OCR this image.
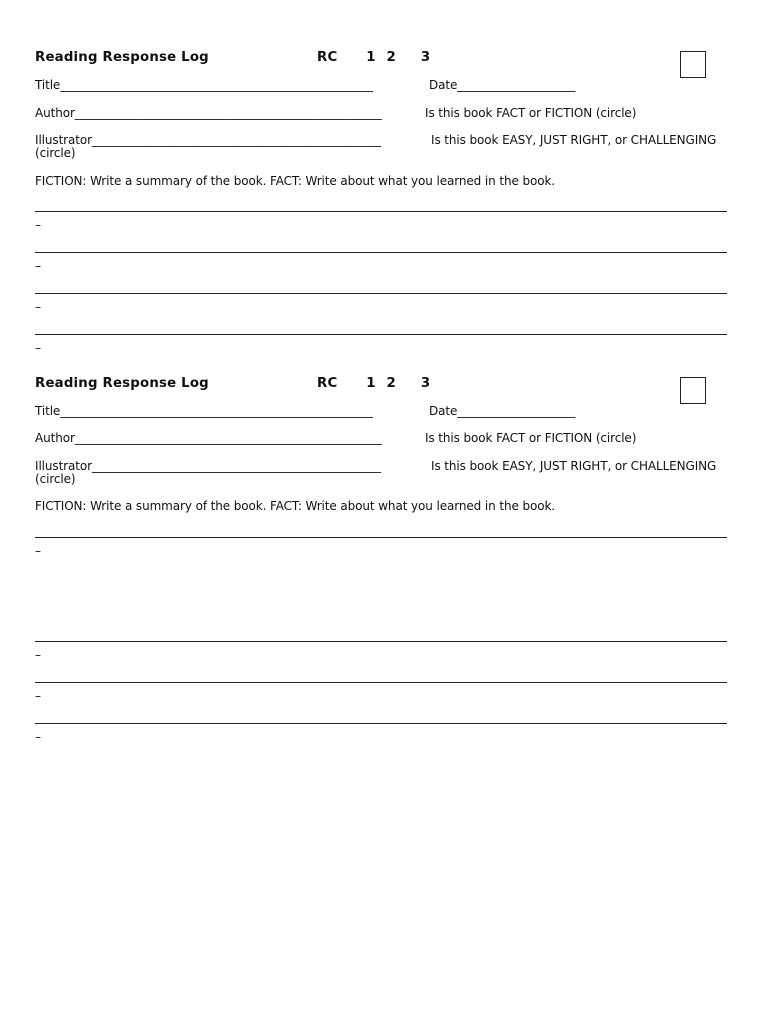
Reading Response Log	RC 1 2 3
Title_____________________________________________________	Date____________________
Author____________________________________________________	Is this book FACT or FICTION (circle)
Illustrator_________________________________________________	Is this book EASY, JUST RIGHT, or CHALLENGING
(circle)
FICTION: Write a summary of the book. FACT: Write about what you learned in the book.
–
–
–
–
Reading Response Log	RC 1 2 3
Title_____________________________________________________	Date____________________
Author____________________________________________________	Is this book FACT or FICTION (circle)
Illustrator_________________________________________________	Is this book EASY, JUST RIGHT, or CHALLENGING
(circle)
FICTION: Write a summary of the book. FACT: Write about what you learned in the book.
–
–
–
–
